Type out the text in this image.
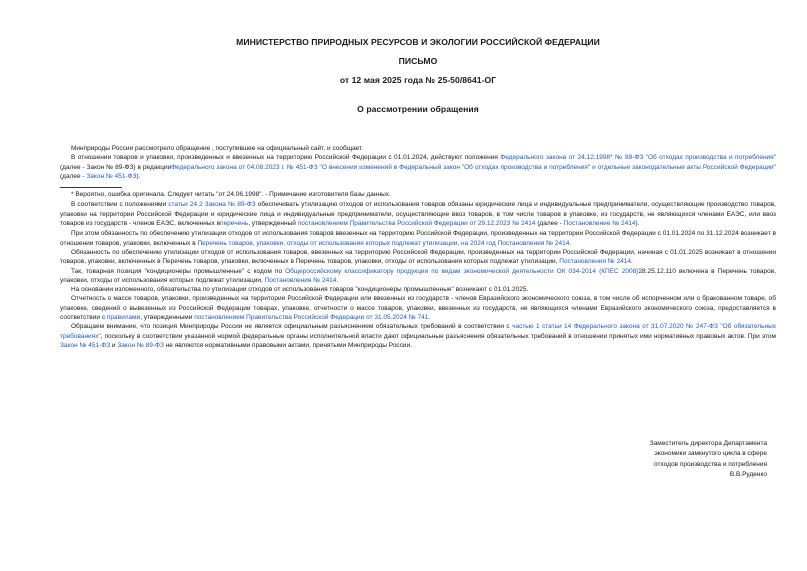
МИНИСТЕРСТВО ПРИРОДНЫХ РЕСУРСОВ И ЭКОЛОГИИ РОССИЙСКОЙ ФЕДЕРАЦИИ
ПИСЬМО
от 12 мая 2025 года № 25-50/8641-ОГ
О рассмотрении обращения

Минприроды России рассмотрело обращение , поступившее на официальный сайт, и сообщает.

В отношении товаров и упаковки, произведенных и ввезенных на территорию Российской Федерации с 01.01.2024, действуют положения Федерального закона от 24.12.1998* № 89-ФЗ "Об отходах производства и потребления" (далее - Закон № 89-ФЗ) в редакцииФедерального закона от 04.08.2023 г. № 451-ФЗ "О внесении изменений в Федеральный закон "Об отходах производства и потребления" и отдельные законодательные акты Российской Федерации" (далее - Закон № 451-ФЗ).

* Вероятно, ошибка оригинала. Следует читать "от 24.06.1998". - Примечание изготовителя базы данных.

В соответствии с положениями статьи 24.2 Закона № 89-ФЗ обеспечивать утилизацию отходов от использования товаров обязаны юридические лица и индивидуальные предприниматели, осуществляющие производство товаров, упаковки на территории Российской Федерации и юридические лица и индивидуальные предприниматели, осуществляющие ввоз товаров, в том числе товаров в упаковке, из государств, не являющихся членами ЕАЭС, или ввоз товаров из государств - членов ЕАЭС, включенных вперечень, утвержденный постановлением Правительства Российской Федерации от 29.12.2023 № 2414 (далее - Постановление № 2414).

При этом обязанность по обеспечению утилизации отходов от использования товаров ввезенных на территорию Российской Федерации, произведенных на территории Российской Федерации с 01.01.2024 по 31.12.2024 возникает в отношении товаров, упаковки, включенных в Перечень товаров, упаковки, отходы от использования которых подлежат утилизации, на 2024 год Постановления № 2414.

Обязанность по обеспечению утилизации отходов от использования товаров, ввезенных на территорию Российской Федерации, произведенных на территории Российской Федерации, начиная с 01.01.2025 возникает в отношении товаров, упаковки, включенных в Перечень товаров, упаковки, включенных в Перечень товаров, упаковки, отходы от использования которых подлежат утилизации, Постановления № 2414.

Так, товарная позиция "кондиционеры промышленные" с кодом по Общероссийскому классификатору продукции по видам экономической деятельности ОК 034-2014 (КПЕС 2008)28.25.12.110 включена в Перечень товаров, упаковки, отходы от использования которых подлежат утилизации, Постановления № 2414.

На основании изложенного, обязательства по утилизации отходов от использования товаров "кондиционеры промышленные" возникают с 01.01.2025.

Отчетность о массе товаров, упаковки, произведенных на территории Российской Федерации или ввезенных из государств - членов Евразийского экономического союза, в том числе об испорченном или о бракованном товаре, об упаковке, сведений о вывезенных из Российской Федерации товарах, упаковке, отчетности о массе товаров, упаковки, ввезенных из государств, не являющихся членами Евразийского экономического союза, предоставляется в соответствии с правилами, утвержденными постановлением Правительства Российской Федерации от 31.05.2024 № 741.

Обращаем внимание, что позиция Минприроды России не является официальным разъяснением обязательных требований в соответствии с частью 1 статьи 14 Федерального закона от 31.07.2020 № 247-ФЗ "Об обязательных требованиях", поскольку в соответствии указанной нормой федеральные органы исполнительной власти дают официальные разъяснения обязательных требований в отношении принятых ими нормативных правовых актов. При этом Закон № 451-ФЗ и Закон № 89-ФЗ не являются нормативными правовыми актами, принятыми Минприроды России.

Заместитель директора Департамента
экономики замкнутого цикла в сфере
отходов производства и потребления
В.В.Руденко
